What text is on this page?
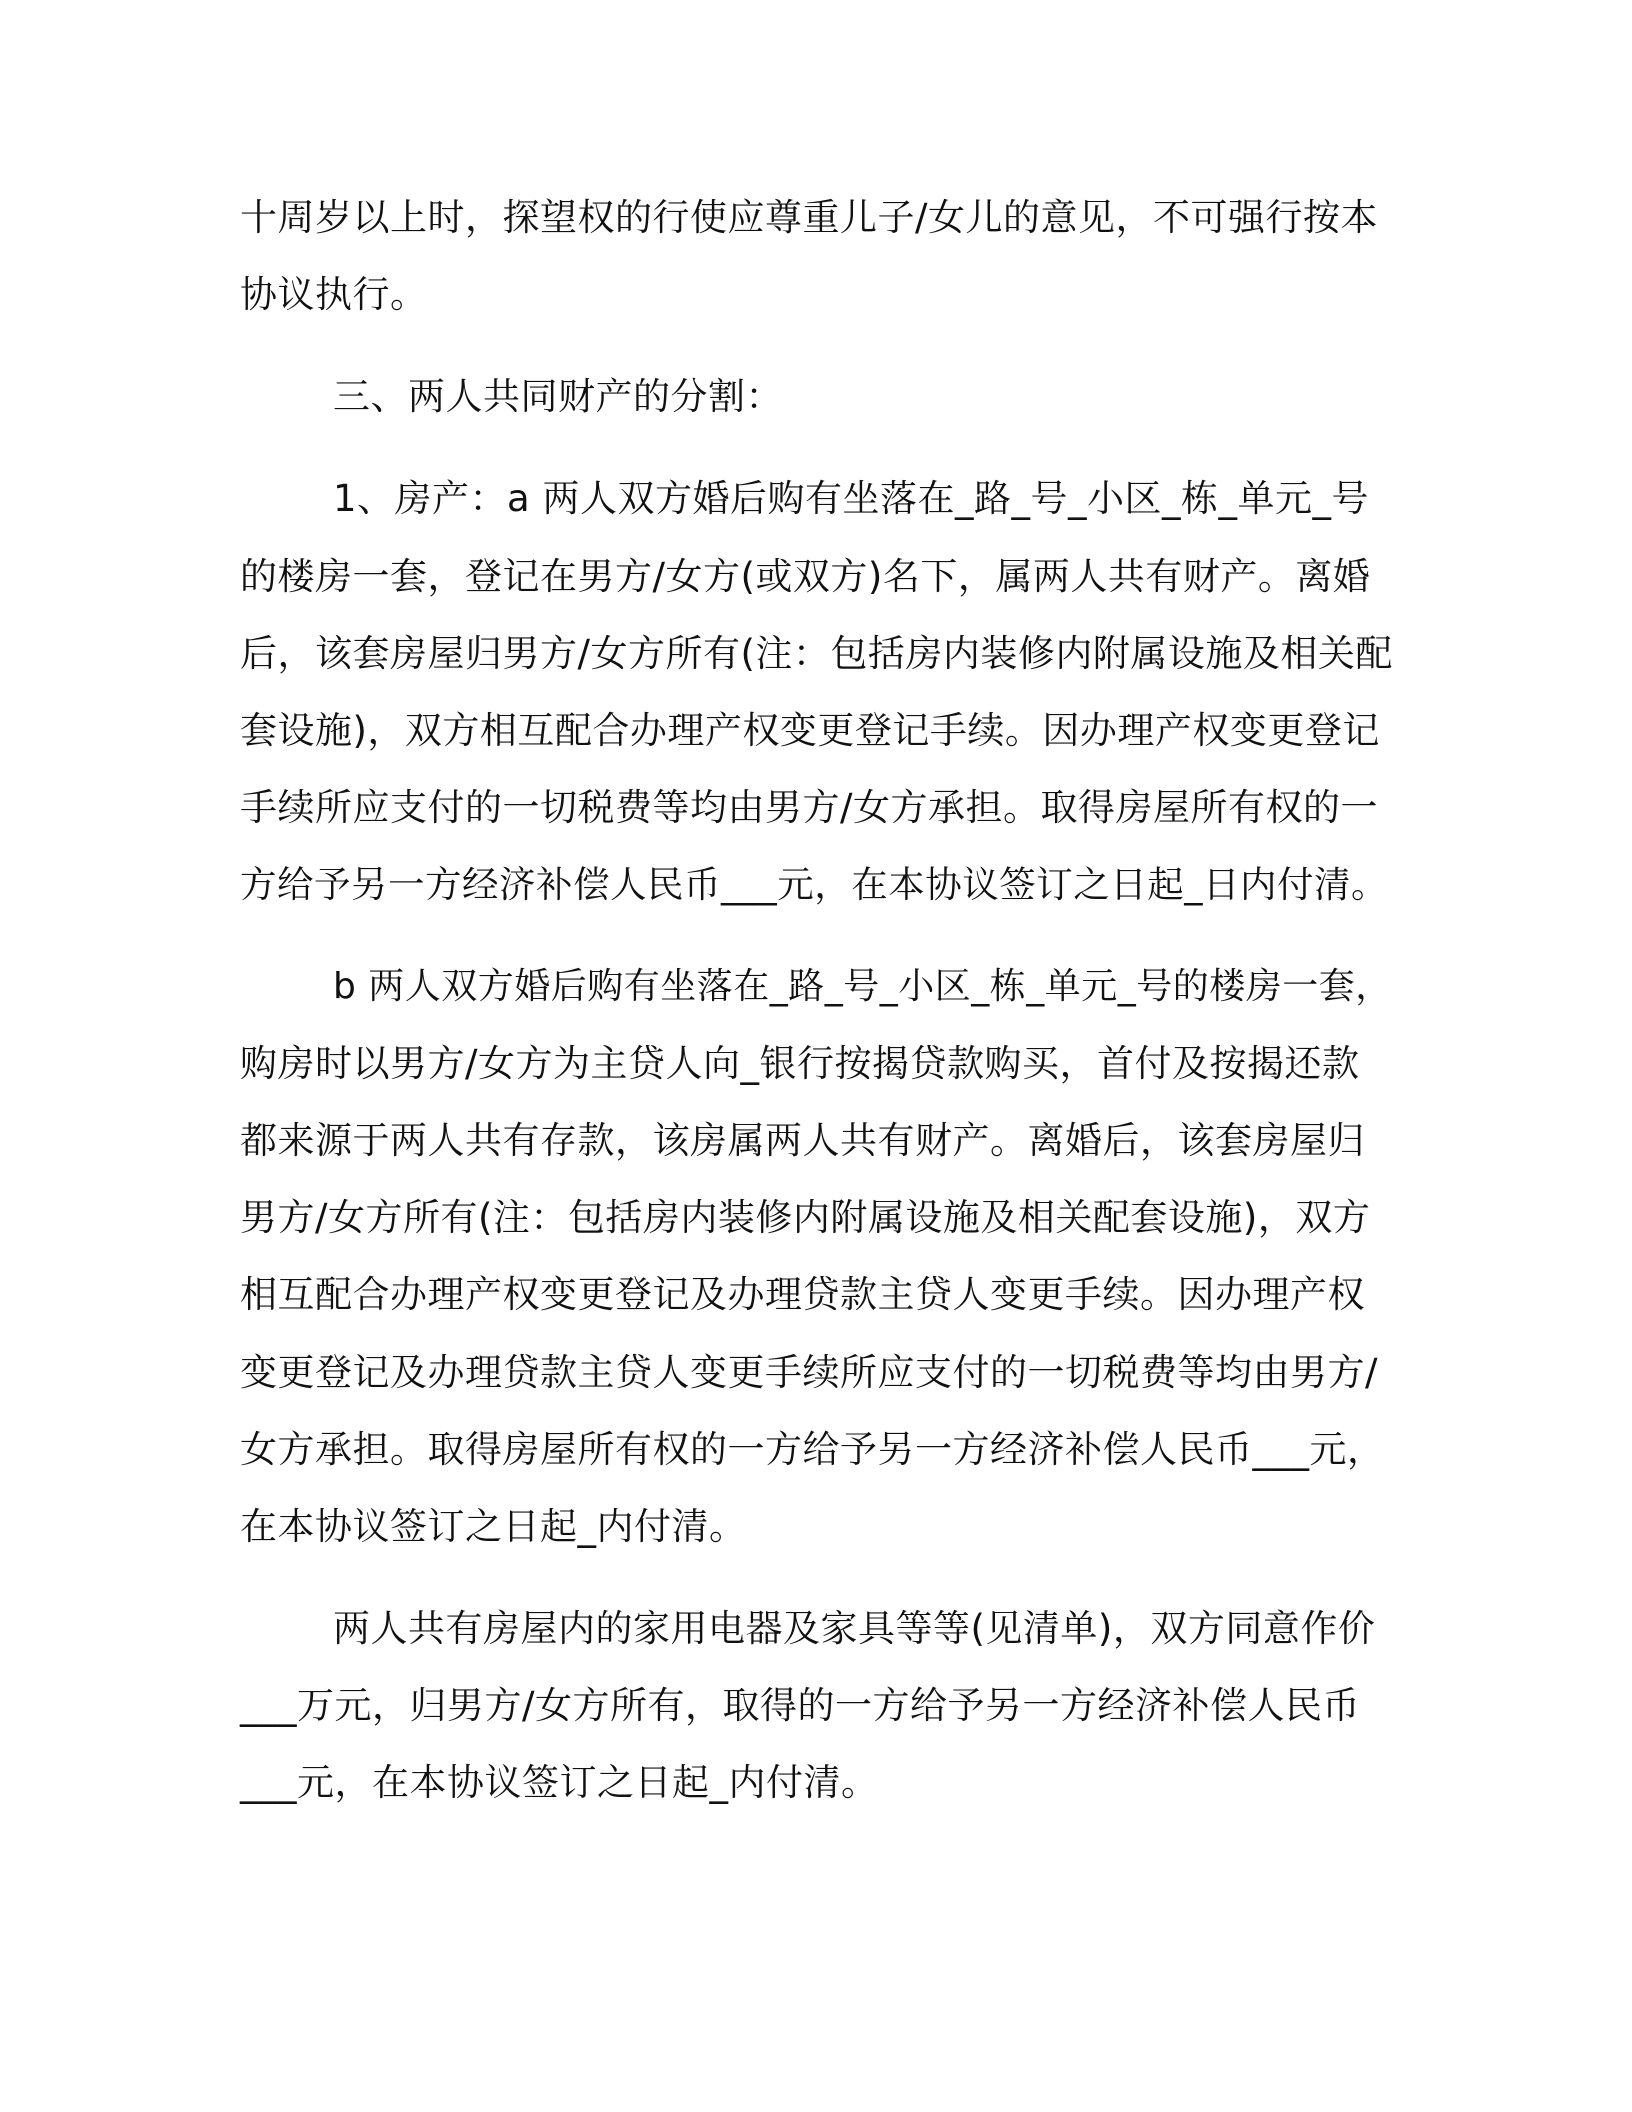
十周岁以上时，探望权的行使应尊重儿子/女儿的意见，不可强行按本
协议执行。
三、两人共同财产的分割：
1、房产：a 两人双方婚后购有坐落在_路_号_小区_栋_单元_号
的楼房一套，登记在男方/女方(或双方)名下，属两人共有财产。离婚
后，该套房屋归男方/女方所有(注：包括房内装修内附属设施及相关配
套设施)，双方相互配合办理产权变更登记手续。因办理产权变更登记
手续所应支付的一切税费等均由男方/女方承担。取得房屋所有权的一
方给予另一方经济补偿人民币___元，在本协议签订之日起_日内付清。
b 两人双方婚后购有坐落在_路_号_小区_栋_单元_号的楼房一套，
购房时以男方/女方为主贷人向_银行按揭贷款购买，首付及按揭还款
都来源于两人共有存款，该房属两人共有财产。离婚后，该套房屋归
男方/女方所有(注：包括房内装修内附属设施及相关配套设施)，双方
相互配合办理产权变更登记及办理贷款主贷人变更手续。因办理产权
变更登记及办理贷款主贷人变更手续所应支付的一切税费等均由男方/
女方承担。取得房屋所有权的一方给予另一方经济补偿人民币___元，
在本协议签订之日起_内付清。
两人共有房屋内的家用电器及家具等等(见清单)，双方同意作价
___万元，归男方/女方所有，取得的一方给予另一方经济补偿人民币
___元，在本协议签订之日起_内付清。
